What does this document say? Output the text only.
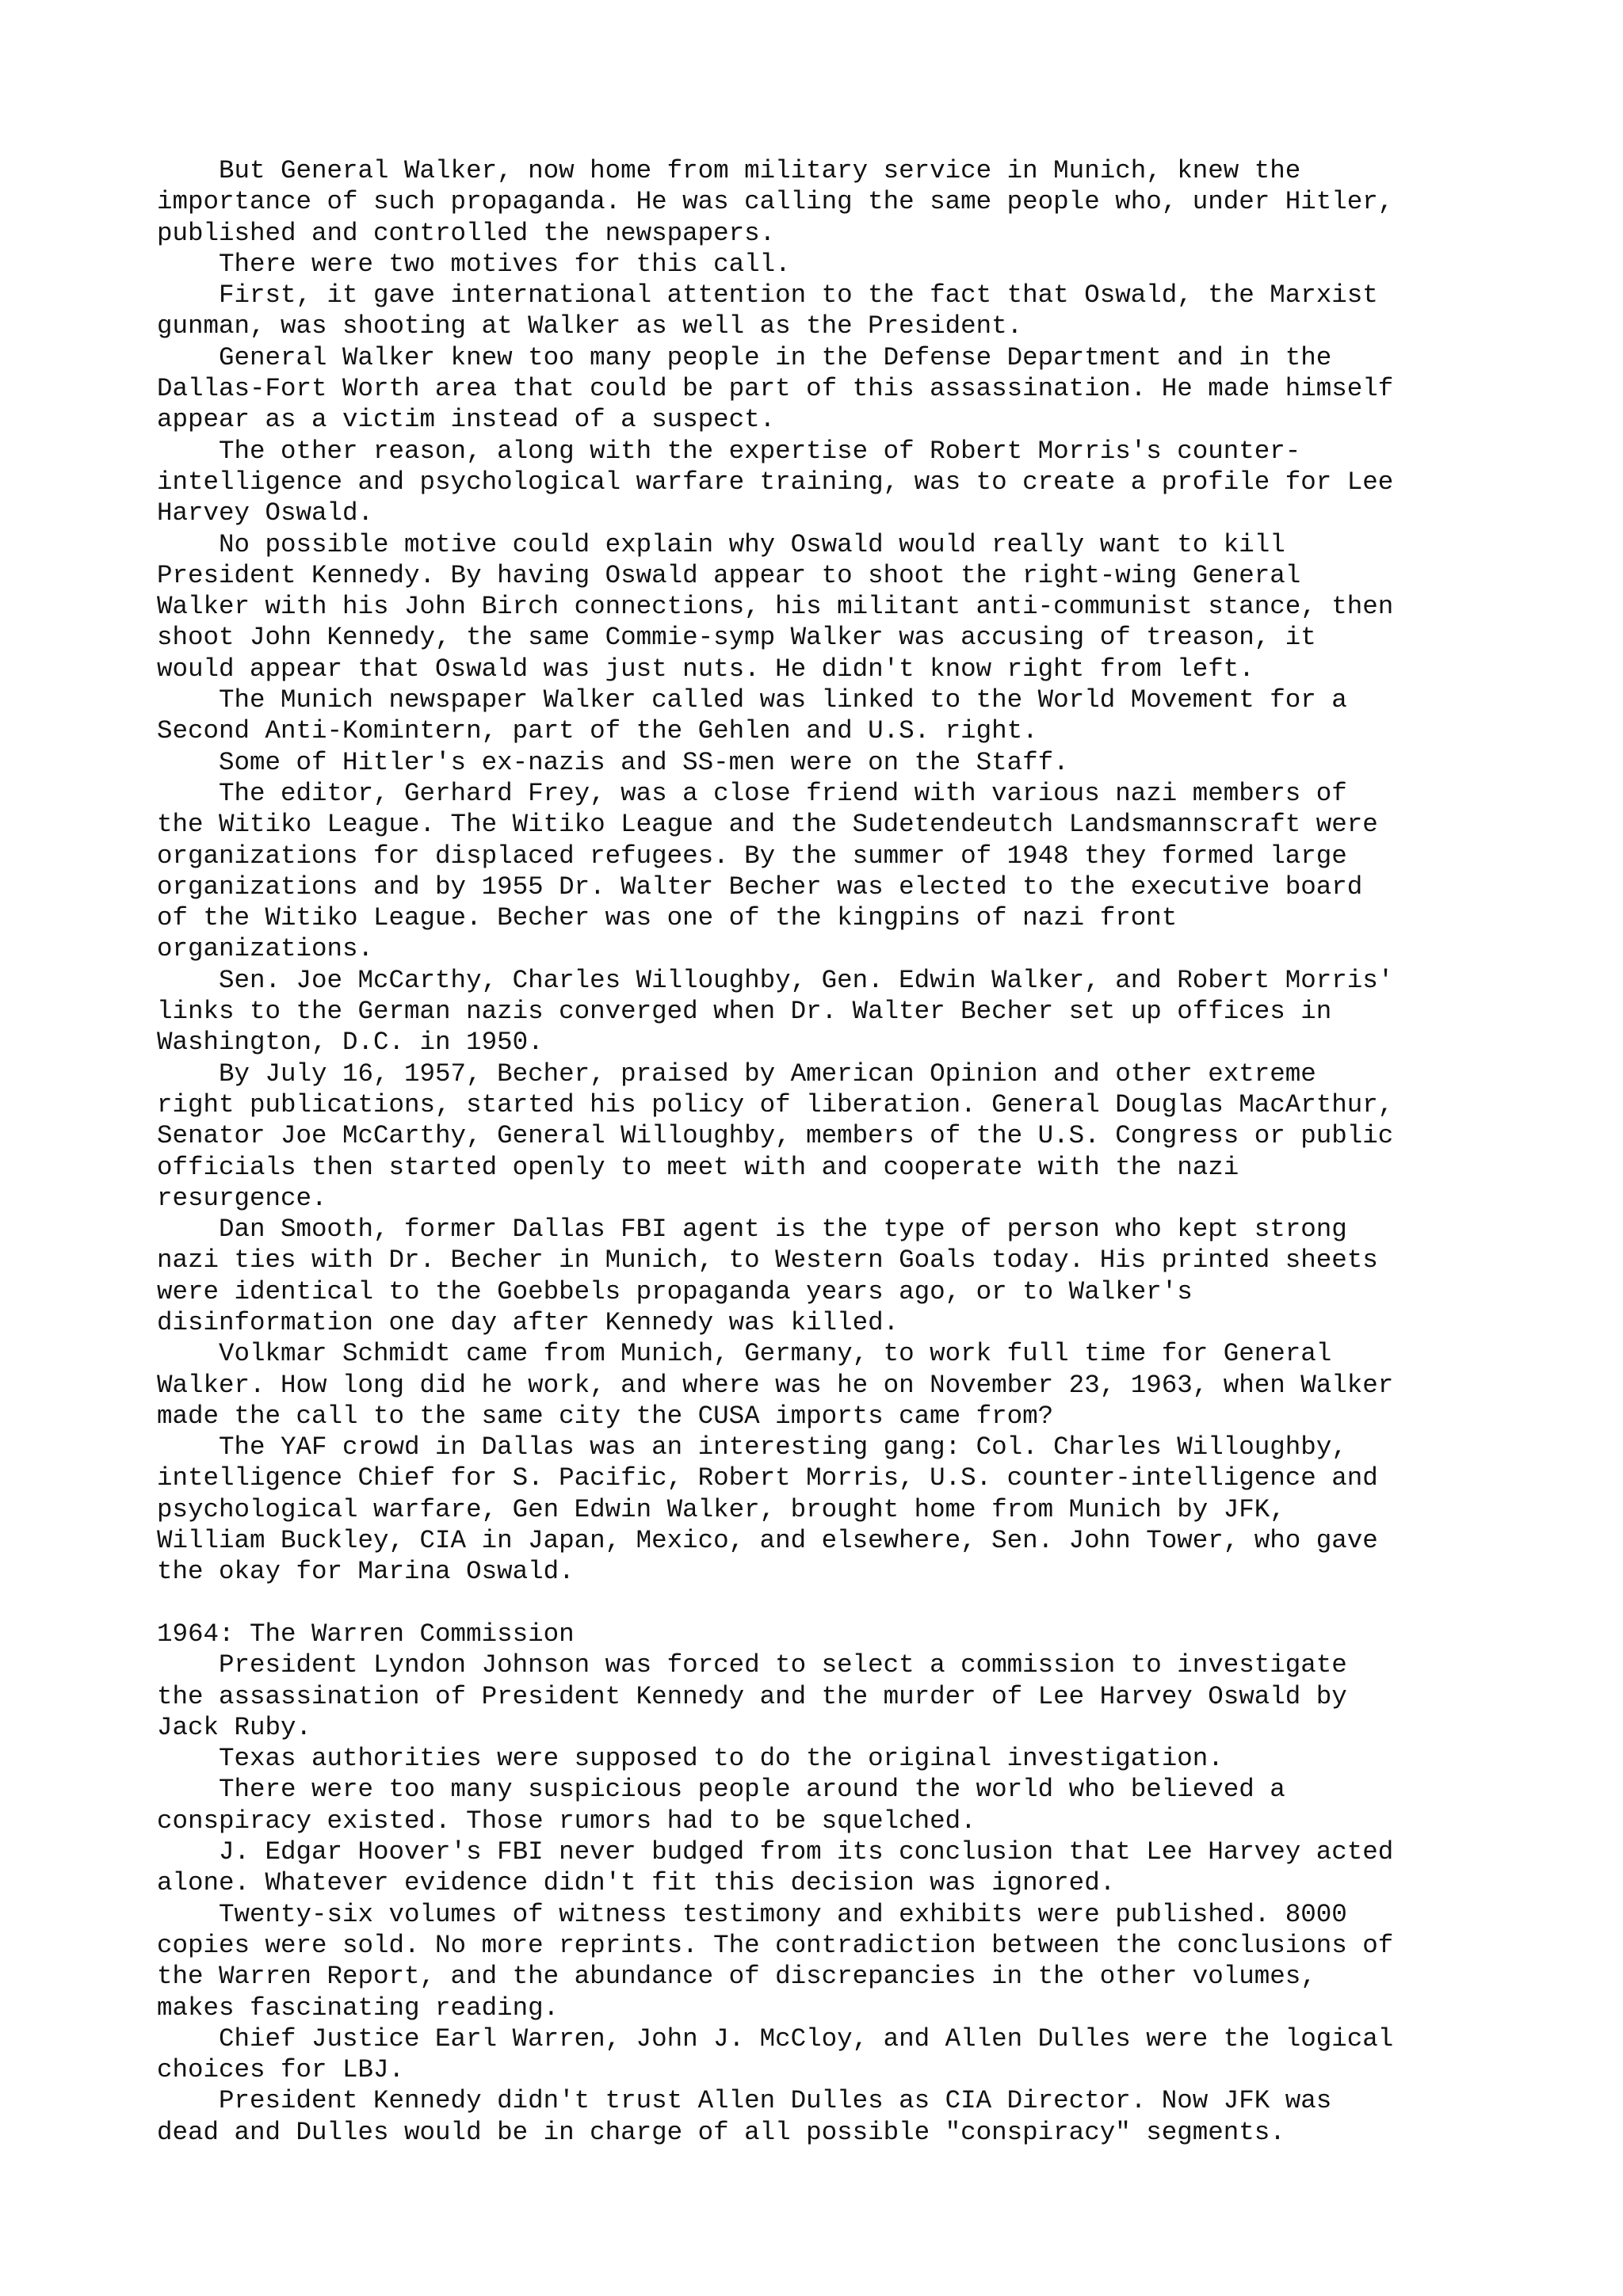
But General Walker, now home from military service in Munich, knew the
importance of such propaganda. He was calling the same people who, under Hitler,
published and controlled the newspapers.
There were two motives for this call.
First, it gave international attention to the fact that Oswald, the Marxist
gunman, was shooting at Walker as well as the President.
General Walker knew too many people in the Defense Department and in the
Dallas-Fort Worth area that could be part of this assassination. He made himself
appear as a victim instead of a suspect.
The other reason, along with the expertise of Robert Morris's counter-
intelligence and psychological warfare training, was to create a profile for Lee
Harvey Oswald.
No possible motive could explain why Oswald would really want to kill
President Kennedy. By having Oswald appear to shoot the right-wing General
Walker with his John Birch connections, his militant anti-communist stance, then
shoot John Kennedy, the same Commie-symp Walker was accusing of treason, it
would appear that Oswald was just nuts. He didn't know right from left.
The Munich newspaper Walker called was linked to the World Movement for a
Second Anti-Komintern, part of the Gehlen and U.S. right.
Some of Hitler's ex-nazis and SS-men were on the Staff.
The editor, Gerhard Frey, was a close friend with various nazi members of
the Witiko League. The Witiko League and the Sudetendeutch Landsmannscraft were
organizations for displaced refugees. By the summer of 1948 they formed large
organizations and by 1955 Dr. Walter Becher was elected to the executive board
of the Witiko League. Becher was one of the kingpins of nazi front
organizations.
Sen. Joe McCarthy, Charles Willoughby, Gen. Edwin Walker, and Robert Morris'
links to the German nazis converged when Dr. Walter Becher set up offices in
Washington, D.C. in 1950.
By July 16, 1957, Becher, praised by American Opinion and other extreme
right publications, started his policy of liberation. General Douglas MacArthur,
Senator Joe McCarthy, General Willoughby, members of the U.S. Congress or public
officials then started openly to meet with and cooperate with the nazi
resurgence.
Dan Smooth, former Dallas FBI agent is the type of person who kept strong
nazi ties with Dr. Becher in Munich, to Western Goals today. His printed sheets
were identical to the Goebbels propaganda years ago, or to Walker's
disinformation one day after Kennedy was killed.
Volkmar Schmidt came from Munich, Germany, to work full time for General
Walker. How long did he work, and where was he on November 23, 1963, when Walker
made the call to the same city the CUSA imports came from?
The YAF crowd in Dallas was an interesting gang: Col. Charles Willoughby,
intelligence Chief for S. Pacific, Robert Morris, U.S. counter-intelligence and
psychological warfare, Gen Edwin Walker, brought home from Munich by JFK,
William Buckley, CIA in Japan, Mexico, and elsewhere, Sen. John Tower, who gave
the okay for Marina Oswald.
1964: The Warren Commission
President Lyndon Johnson was forced to select a commission to investigate
the assassination of President Kennedy and the murder of Lee Harvey Oswald by
Jack Ruby.
Texas authorities were supposed to do the original investigation.
There were too many suspicious people around the world who believed a
conspiracy existed. Those rumors had to be squelched.
J. Edgar Hoover's FBI never budged from its conclusion that Lee Harvey acted
alone. Whatever evidence didn't fit this decision was ignored.
Twenty-six volumes of witness testimony and exhibits were published. 8000
copies were sold. No more reprints. The contradiction between the conclusions of
the Warren Report, and the abundance of discrepancies in the other volumes,
makes fascinating reading.
Chief Justice Earl Warren, John J. McCloy, and Allen Dulles were the logical
choices for LBJ.
President Kennedy didn't trust Allen Dulles as CIA Director. Now JFK was
dead and Dulles would be in charge of all possible "conspiracy" segments.
